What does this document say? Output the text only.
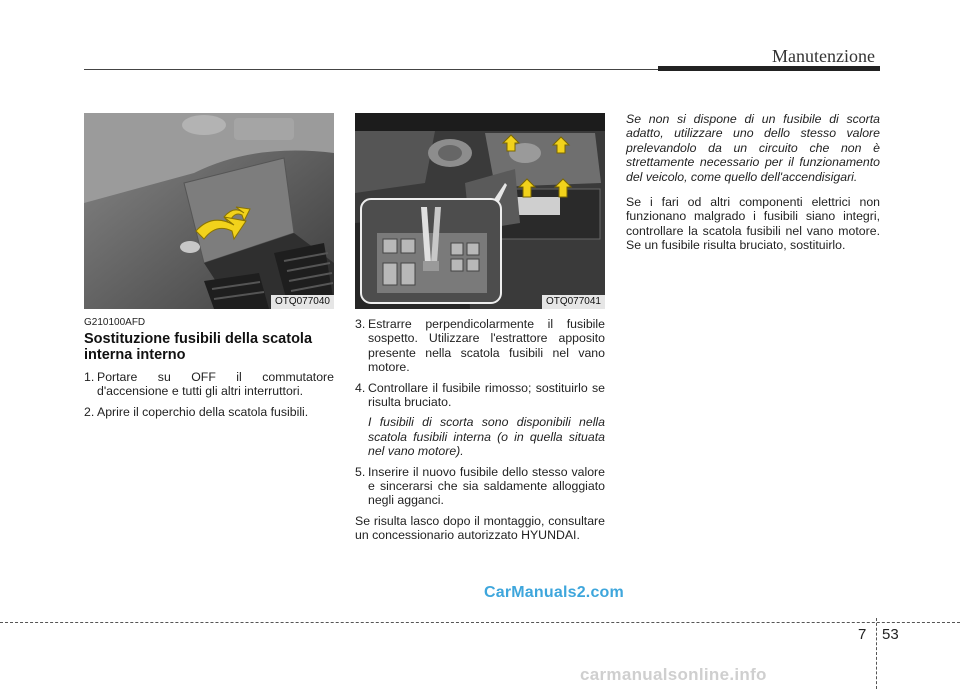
Manutenzione
OTQ077040	OTQ077041
G210100AFD
Sostituzione fusibili della scatola interna interno
1. Portare su OFF il commutatore d'accensione e tutti gli altri interruttori.
2. Aprire il coperchio della scatola fusibili.
3. Estrarre perpendicolarmente il fusibile sospetto. Utilizzare l'estrattore apposito presente nella scatola fusibili nel vano motore.
4. Controllare il fusibile rimosso; sostituirlo se risulta bruciato.
I fusibili di scorta sono disponibili nella scatola fusibili interna (o in quella situata nel vano motore).
5. Inserire il nuovo fusibile dello stesso valore e sincerarsi che sia saldamente alloggiato negli agganci.

Se risulta lasco dopo il montaggio, consultare un concessionario autorizzato HYUNDAI.

Se non si dispone di un fusibile di scorta adatto, utilizzare uno dello stesso valore prelevandolo da un circuito che non è strettamente necessario per il funzionamento del veicolo, come quello dell'accendisigari.

Se i fari od altri componenti elettrici non funzionano malgrado i fusibili siano integri, controllare la scatola fusibili nel vano motore. Se un fusibile risulta bruciato, sostituirlo.

CarManuals2.com
7 53
carmanualsonline.info
